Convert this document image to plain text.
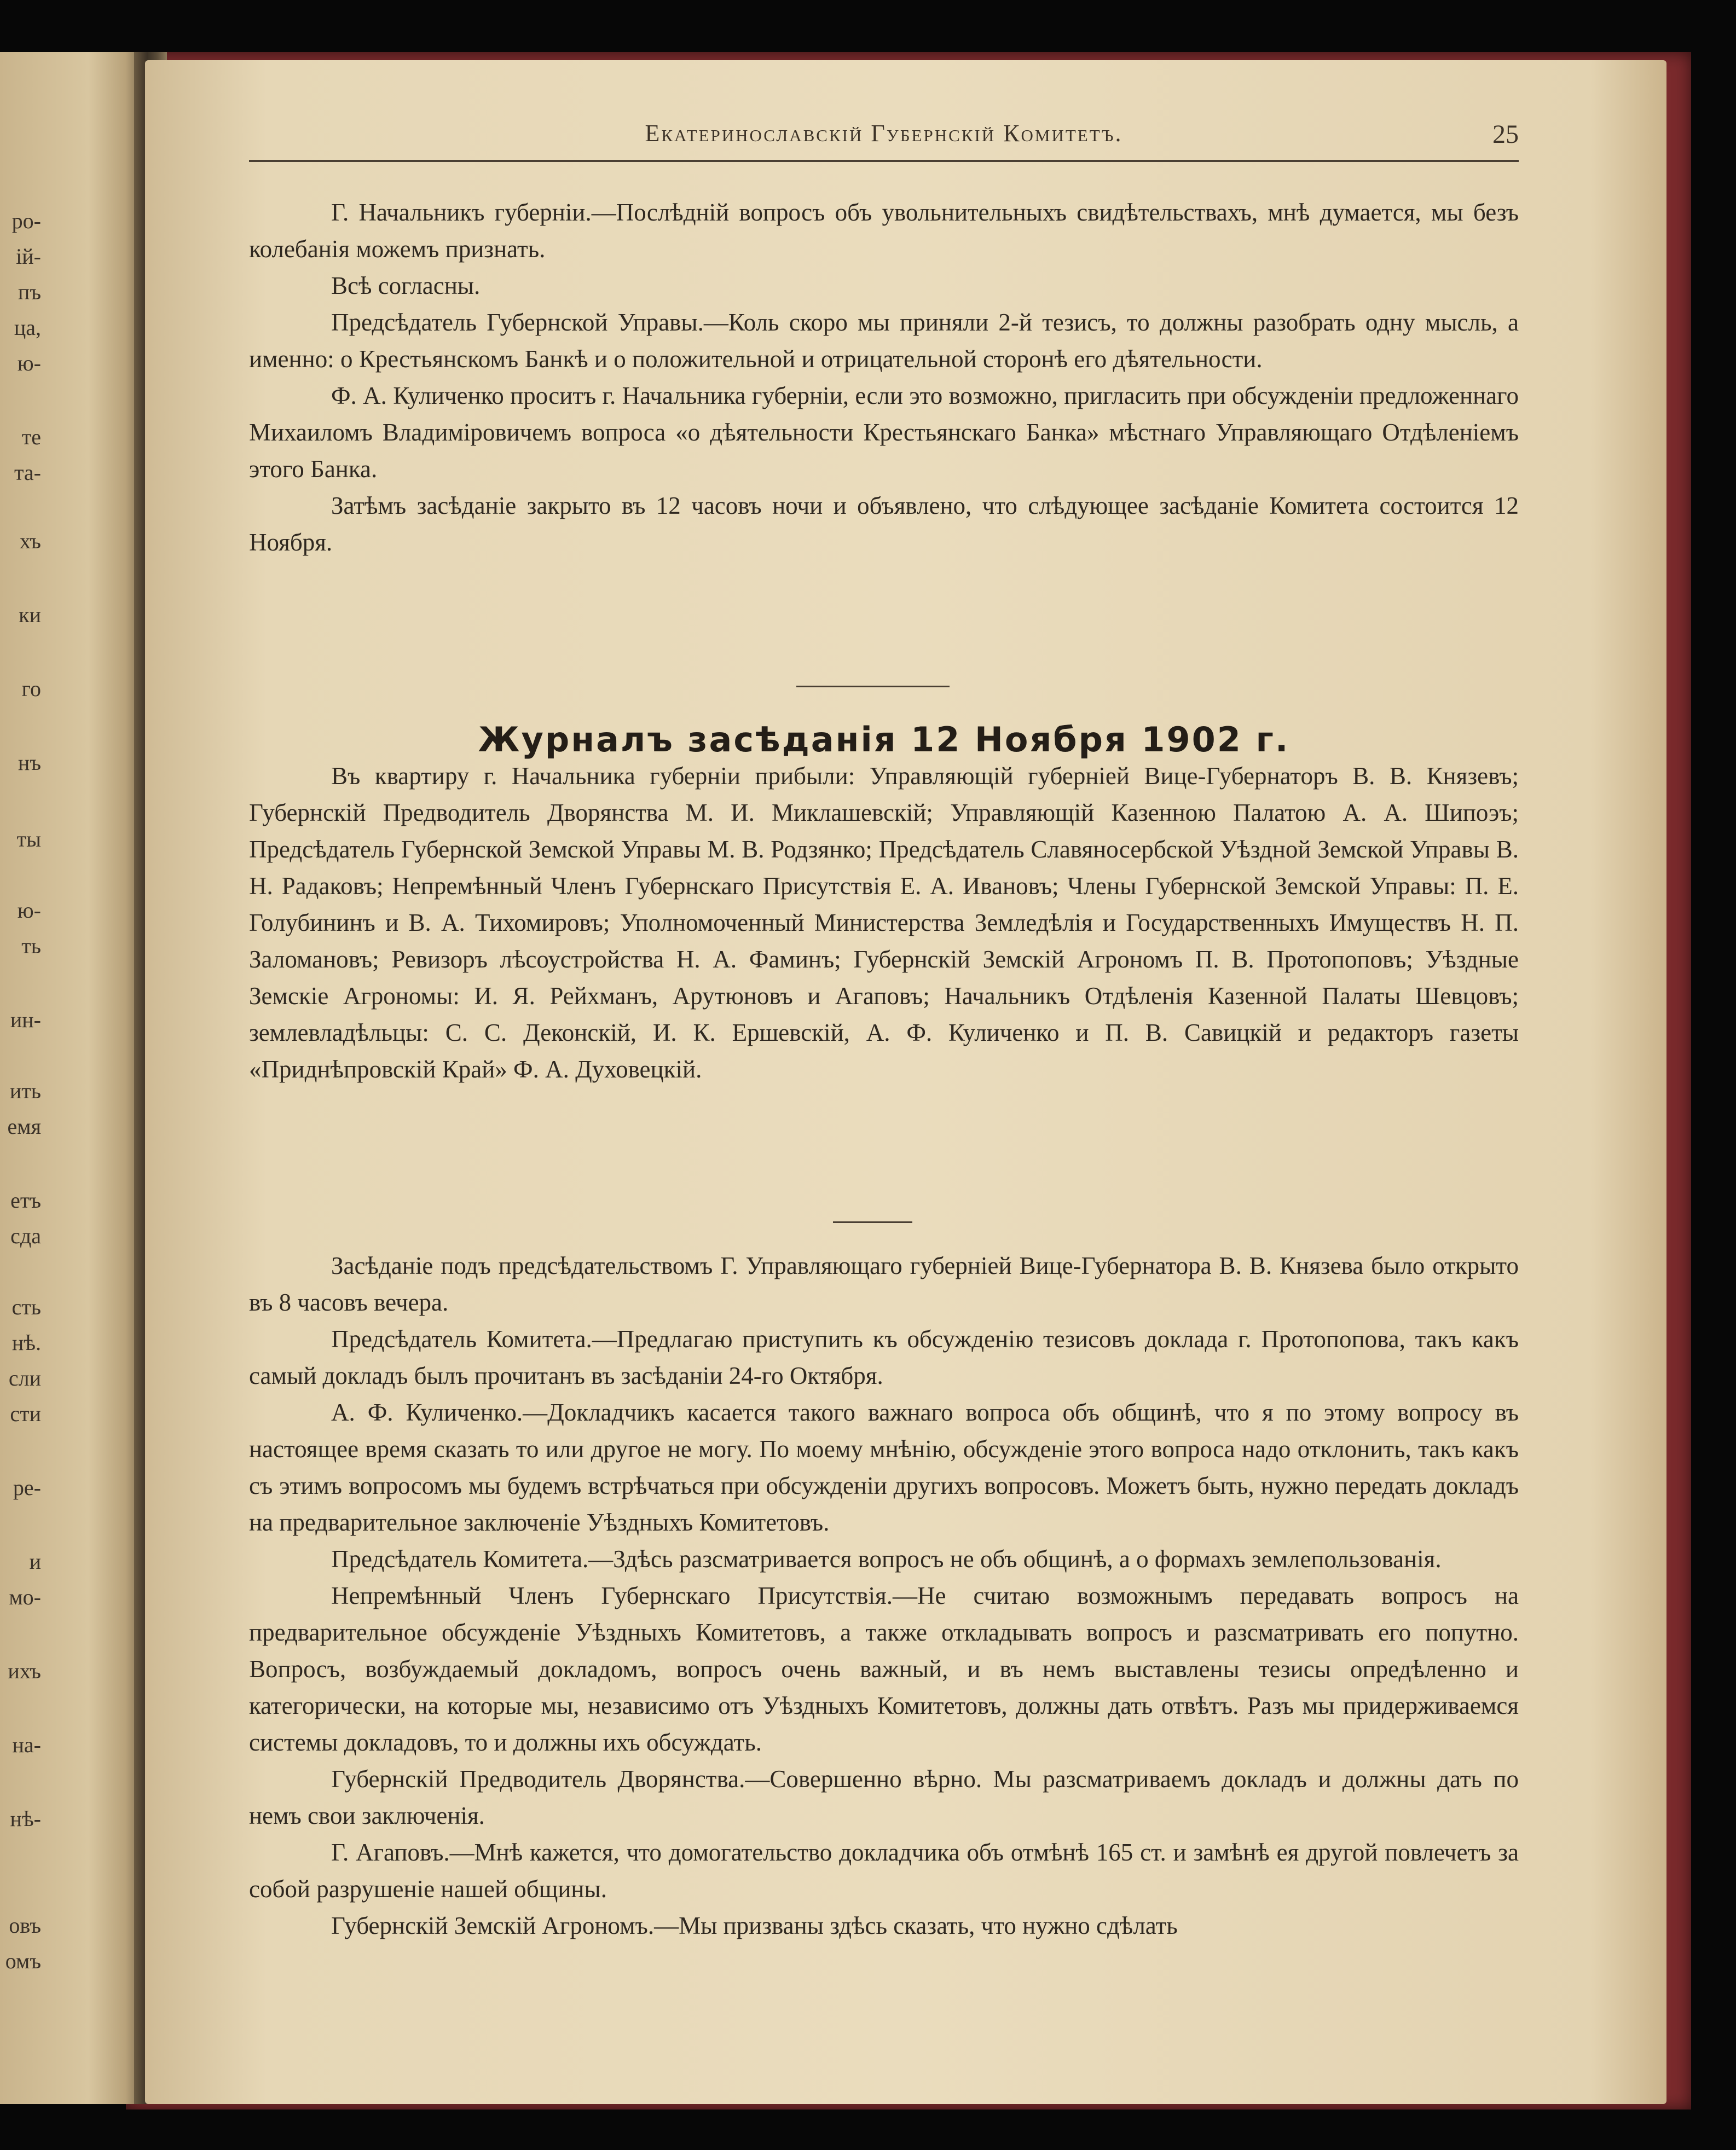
ро-
ій-
пъ
ца,
ю-
те
та-
хъ
ки
го
нъ
ты
ю-
ть
ин-
ить
емя
етъ
сда
сть
нѣ.
сли
сти
ре-
и
мо-
ихъ
на-
нѣ-
овъ
омъ
Екатеринославскій Губернскій Комитетъ.	25

Г. Начальникъ губерніи.—Послѣдній вопросъ объ увольнительныхъ свидѣтельствахъ, мнѣ думается, мы безъ колебанія можемъ признать.

Всѣ согласны.

Предсѣдатель Губернской Управы.—Коль скоро мы приняли 2-й тезисъ, то должны разобрать одну мысль, а именно: о Крестьянскомъ Банкѣ и о положительной и отрицательной сторонѣ его дѣятельности.

Ф. А. Куличенко проситъ г. Начальника губерніи, если это возможно, пригласить при обсужденіи предложеннаго Михаиломъ Владиміровичемъ вопроса «о дѣятельности Крестьянскаго Банка» мѣстнаго Управляющаго Отдѣленіемъ этого Банка.

Затѣмъ засѣданіе закрыто въ 12 часовъ ночи и объявлено, что слѣдующее засѣданіе Комитета состоится 12 Ноября.

Журналъ засѣданія 12 Ноября 1902 г.

Въ квартиру г. Начальника губерніи прибыли: Управляющій губерніей Вице-Губернаторъ В. В. Князевъ; Губернскій Предводитель Дворянства М. И. Миклашевскій; Управляющій Казенною Палатою А. А. Шипоэъ; Предсѣдатель Губернской Земской Управы М. В. Родзянко; Предсѣдатель Славяносербской Уѣздной Земской Управы В. Н. Радаковъ; Непремѣнный Членъ Губернскаго Присутствія Е. А. Ивановъ; Члены Губернской Земской Управы: П. Е. Голубининъ и В. А. Тихомировъ; Уполномоченный Министерства Земледѣлія и Государственныхъ Имуществъ Н. П. Заломановъ; Ревизоръ лѣсоустройства Н. А. Фаминъ; Губернскій Земскій Агрономъ П. В. Протопоповъ; Уѣздные Земскіе Агрономы: И. Я. Рейхманъ, Арутюновъ и Агаповъ; Начальникъ Отдѣленія Казенной Палаты Шевцовъ; землевладѣльцы: С. С. Деконскій, И. К. Ершевскій, А. Ф. Куличенко и П. В. Савицкій и редакторъ газеты «Приднѣпровскій Край» Ф. А. Духовецкій.

Засѣданіе подъ предсѣдательствомъ Г. Управляющаго губерніей Вице-Губернатора В. В. Князева было открыто въ 8 часовъ вечера.

Предсѣдатель Комитета.—Предлагаю приступить къ обсужденію тезисовъ доклада г. Протопопова, такъ какъ самый докладъ былъ прочитанъ въ засѣданіи 24-го Октября.

А. Ф. Куличенко.—Докладчикъ касается такого важнаго вопроса объ общинѣ, что я по этому вопросу въ настоящее время сказать то или другое не могу. По моему мнѣнію, обсужденіе этого вопроса надо отклонить, такъ какъ съ этимъ вопросомъ мы будемъ встрѣчаться при обсужденіи другихъ вопросовъ. Можетъ быть, нужно передать докладъ на предварительное заключеніе Уѣздныхъ Комитетовъ.

Предсѣдатель Комитета.—Здѣсь разсматривается вопросъ не объ общинѣ, а о формахъ землепользованія.

Непремѣнный Членъ Губернскаго Присутствія.—Не считаю возможнымъ передавать вопросъ на предварительное обсужденіе Уѣздныхъ Комитетовъ, а также откладывать вопросъ и разсматривать его попутно. Вопросъ, возбуждаемый докладомъ, вопросъ очень важный, и въ немъ выставлены тезисы опредѣленно и категорически, на которые мы, независимо отъ Уѣздныхъ Комитетовъ, должны дать отвѣтъ. Разъ мы придерживаемся системы докладовъ, то и должны ихъ обсуждать.

Губернскій Предводитель Дворянства.—Совершенно вѣрно. Мы разсматриваемъ докладъ и должны дать по немъ свои заключенія.

Г. Агаповъ.—Мнѣ кажется, что домогательство докладчика объ отмѣнѣ 165 ст. и замѣнѣ ея другой повлечетъ за собой разрушеніе нашей общины.

Губернскій Земскій Агрономъ.—Мы призваны здѣсь сказать, что нужно сдѣлать
